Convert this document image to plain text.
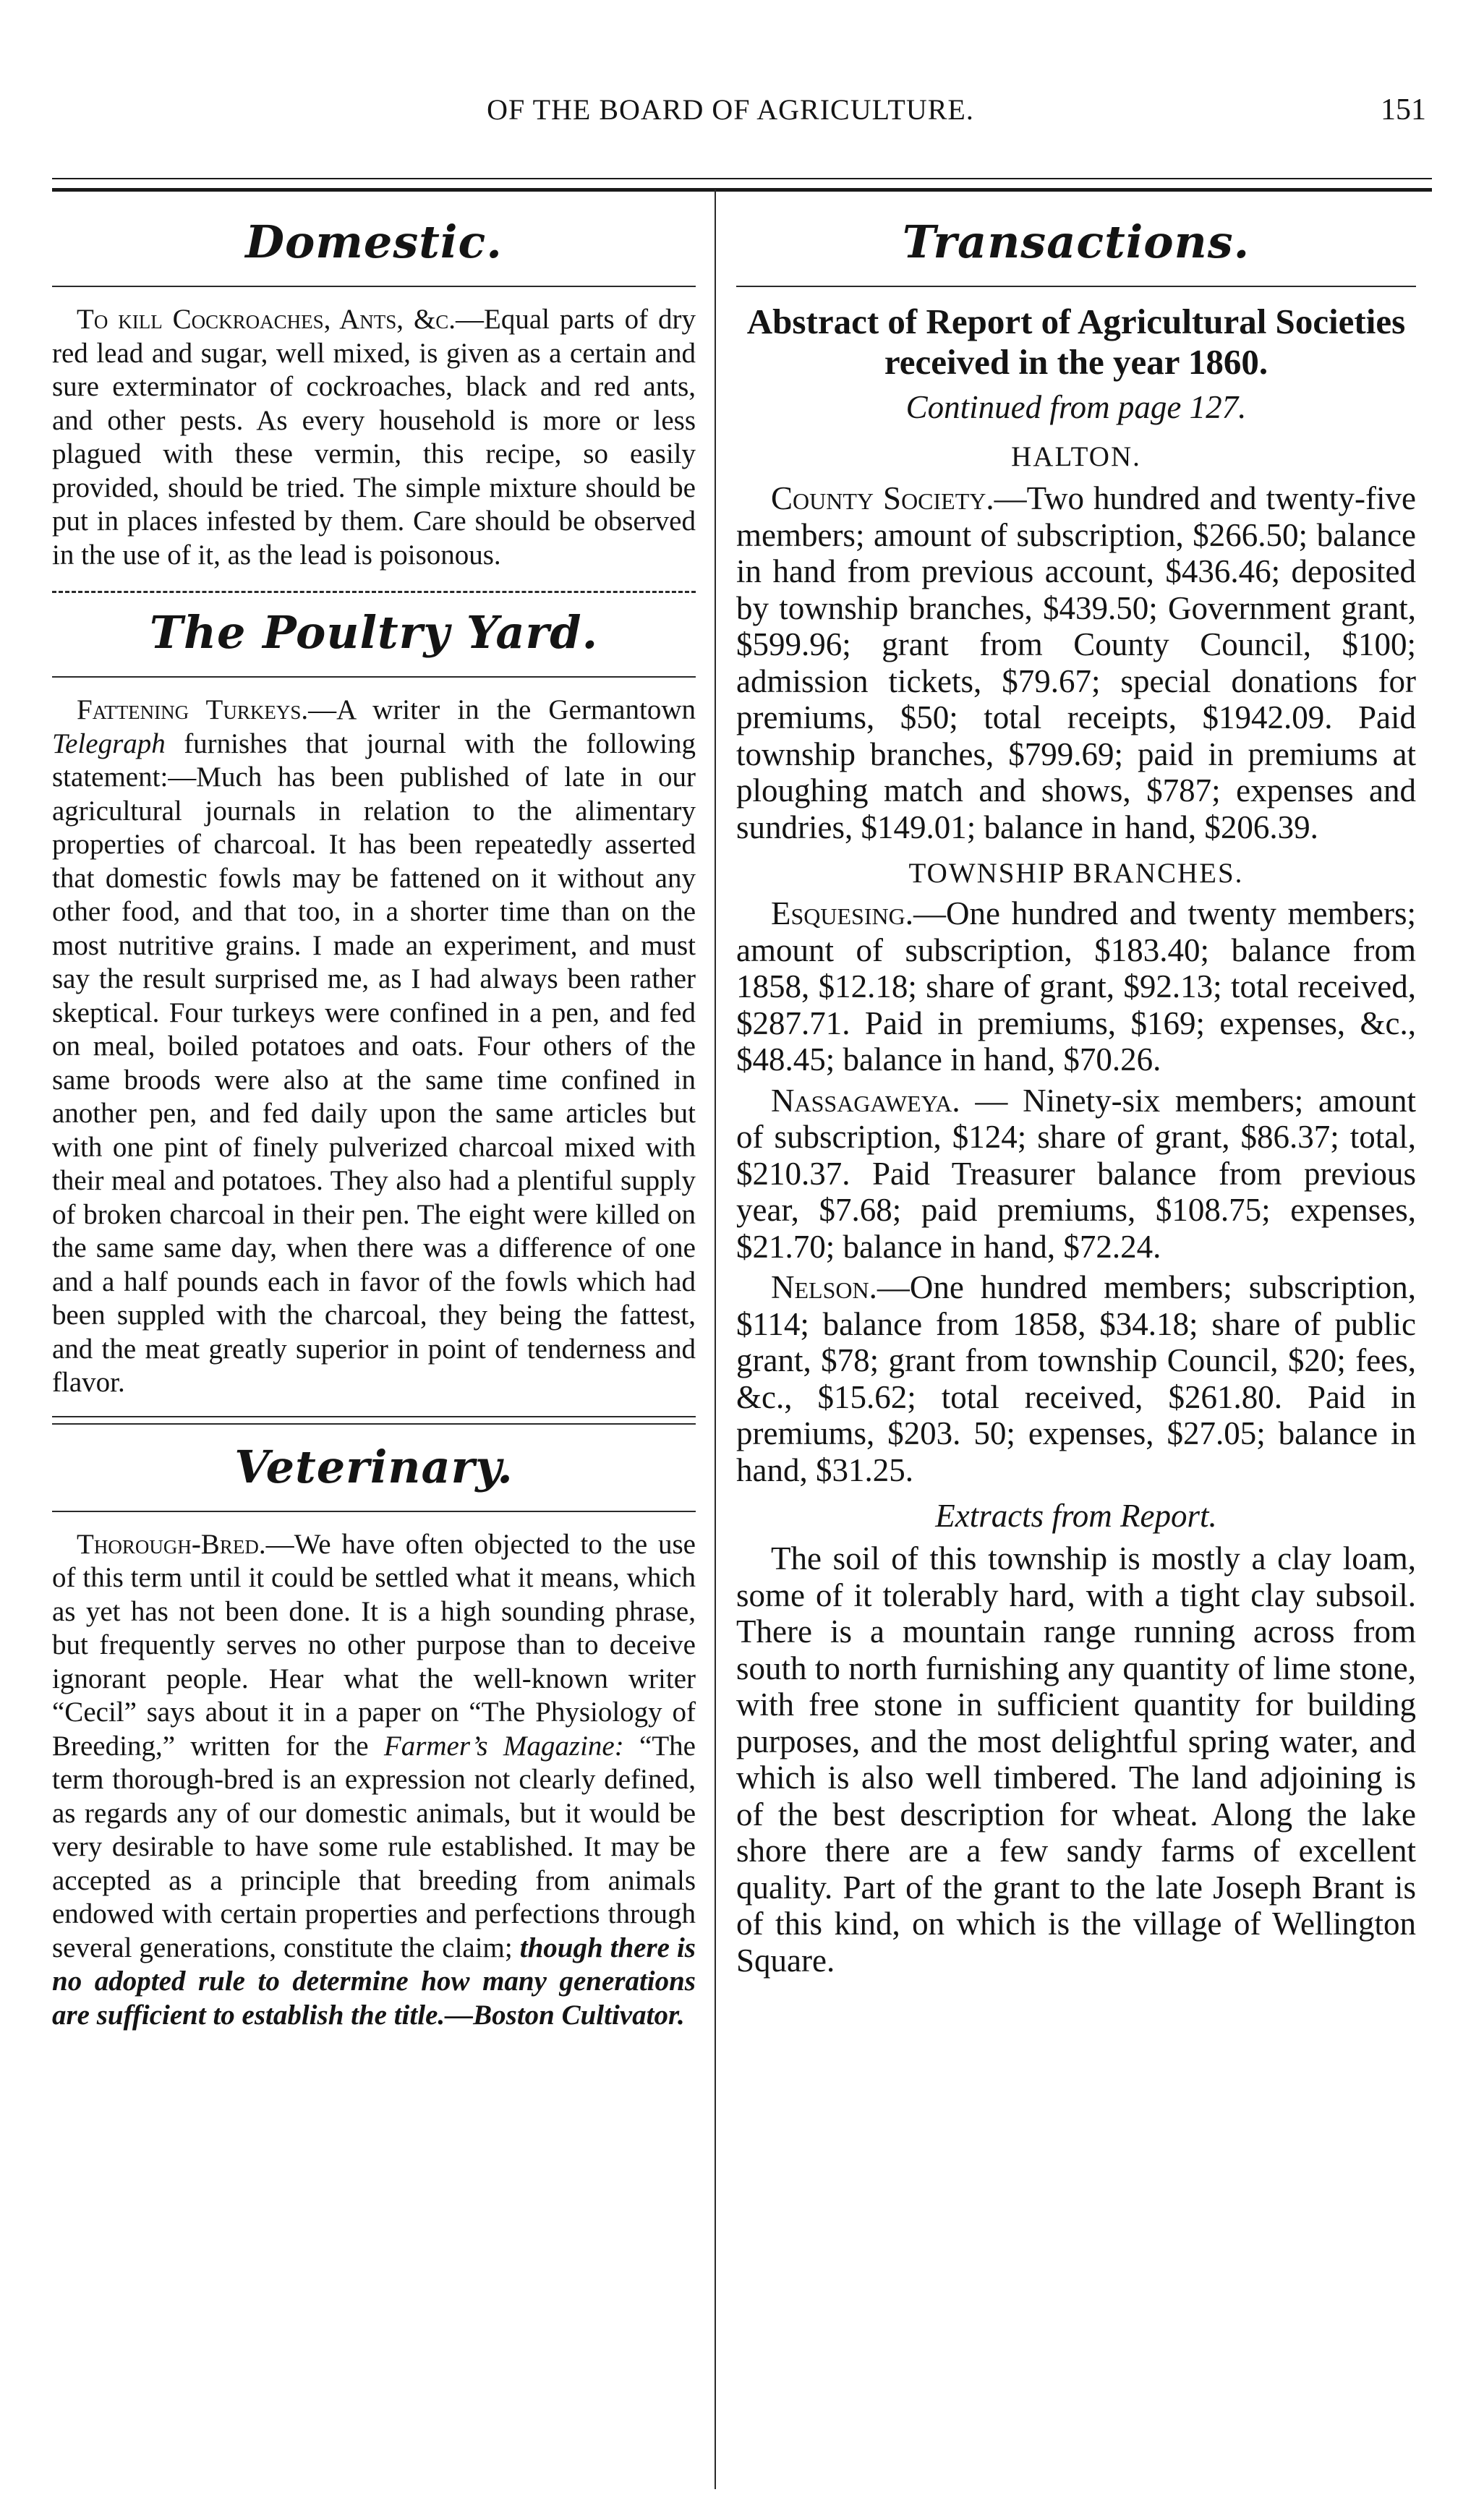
OF THE BOARD OF AGRICULTURE.	151
Domestic.

To kill Cockroaches, Ants, &c.—Equal parts of dry red lead and sugar, well mixed, is given as a certain and sure exterminator of cockroaches, black and red ants, and other pests. As every household is more or less plagued with these vermin, this recipe, so easily provided, should be tried. The simple mixture should be put in places infested by them. Care should be observed in the use of it, as the lead is poisonous.

The Poultry Yard.

Fattening Turkeys.—A writer in the Germantown Telegraph furnishes that journal with the following statement:—Much has been published of late in our agricultural journals in relation to the alimentary properties of charcoal. It has been repeatedly asserted that domestic fowls may be fattened on it without any other food, and that too, in a shorter time than on the most nutritive grains. I made an experiment, and must say the result surprised me, as I had always been rather skeptical. Four turkeys were confined in a pen, and fed on meal, boiled potatoes and oats. Four others of the same broods were also at the same time confined in another pen, and fed daily upon the same articles but with one pint of finely pulverized charcoal mixed with their meal and potatoes. They also had a plentiful supply of broken charcoal in their pen. The eight were killed on the same same day, when there was a difference of one and a half pounds each in favor of the fowls which had been suppled with the charcoal, they being the fattest, and the meat greatly superior in point of tenderness and flavor.

Veterinary.

Thorough-Bred.—We have often objected to the use of this term until it could be settled what it means, which as yet has not been done. It is a high sounding phrase, but frequently serves no other purpose than to deceive ignorant people. Hear what the well-known writer “Cecil” says about it in a paper on “The Physiology of Breeding,” written for the Farmer’s Magazine: “The term thorough-bred is an expression not clearly defined, as regards any of our domestic animals, but it would be very desirable to have some rule established. It may be accepted as a principle that breeding from animals endowed with certain properties and perfections through several generations, constitute the claim; though there is no adopted rule to determine how many generations are sufficient to establish the title.—Boston Cultivator.

Transactions.

Abstract of Report of Agricultural Societies received in the year 1860.

Continued from page 127.

HALTON.

County Society.—Two hundred and twenty-five members; amount of subscription, $266.50; balance in hand from previous account, $436.46; deposited by township branches, $439.50; Government grant, $599.96; grant from County Council, $100; admission tickets, $79.67; special donations for premiums, $50; total receipts, $1942.09. Paid township branches, $799.69; paid in premiums at ploughing match and shows, $787; expenses and sundries, $149.01; balance in hand, $206.39.

TOWNSHIP BRANCHES.

Esquesing.—One hundred and twenty members; amount of subscription, $183.40; balance from 1858, $12.18; share of grant, $92.13; total received, $287.71. Paid in premiums, $169; expenses, &c., $48.45; balance in hand, $70.26.

Nassagaweya. — Ninety-six members; amount of subscription, $124; share of grant, $86.37; total, $210.37. Paid Treasurer balance from previous year, $7.68; paid premiums, $108.75; expenses, $21.70; balance in hand, $72.24.

Nelson.—One hundred members; subscription, $114; balance from 1858, $34.18; share of public grant, $78; grant from township Council, $20; fees, &c., $15.62; total received, $261.80. Paid in premiums, $203. 50; expenses, $27.05; balance in hand, $31.25.

Extracts from Report.

The soil of this township is mostly a clay loam, some of it tolerably hard, with a tight clay subsoil. There is a mountain range running across from south to north furnishing any quantity of lime stone, with free stone in sufficient quantity for building purposes, and the most delightful spring water, and which is also well timbered. The land adjoining is of the best description for wheat. Along the lake shore there are a few sandy farms of excellent quality. Part of the grant to the late Joseph Brant is of this kind, on which is the village of Wellington Square.
